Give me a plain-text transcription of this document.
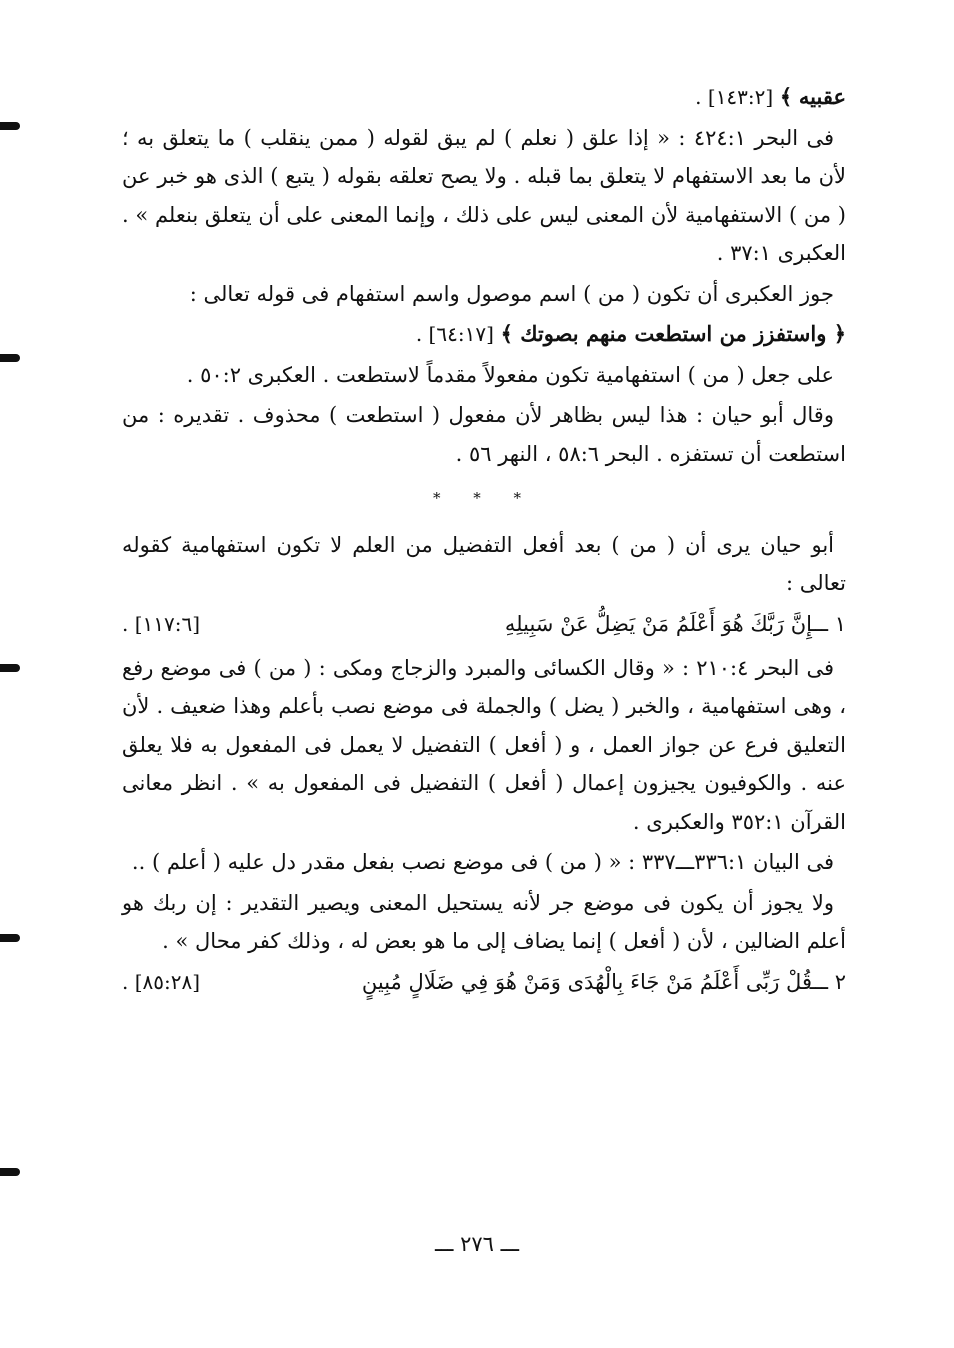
عقبيه ﴾ [١٤٣:٢] .

فى البحر ٤٢٤:١ : « إذا علق ( نعلم ) لم يبق لقوله ( ممن ينقلب ) ما يتعلق به ؛ لأن ما بعد الاستفهام لا يتعلق بما قبله . ولا يصح تعلقه بقوله ( يتبع ) الذى هو خبر عن ( من ) الاستفهامية لأن المعنى ليس على ذلك ، وإنما المعنى على أن يتعلق بنعلم » . العكبرى ٣٧:١ .

جوز العكبرى أن تكون ( من ) اسم موصول واسم استفهام فى قوله تعالى :

﴿ واستفزز من استطعت منهم بصوتك ﴾ [٦٤:١٧] .

على جعل ( من ) استفهامية تكون مفعولاً مقدماً لاستطعت . العكبرى ٥٠:٢ .

وقال أبو حيان : هذا ليس بظاهر لأن مفعول ( استطعت ) محذوف . تقديره : من استطعت أن تستفزه . البحر ٥٨:٦ ، النهر ٥٦ .

* * *

أبو حيان يرى أن ( من ) بعد أفعل التفضيل من العلم لا تكون استفهامية كقوله تعالى :

١ ـــ
إِنَّ رَبَّكَ هُوَ أَعْلَمُ مَنْ يَضِلُّ عَنْ سَبِيلِهِ
[١١٧:٦] .

فى البحر ٢١٠:٤ : « وقال الكسائى والمبرد والزجاج ومكى : ( من ) فى موضع رفع ، وهى استفهامية ، والخبر ( يضل ) والجملة فى موضع نصب بأعلم وهذا ضعيف . لأن التعليق فرع عن جواز العمل ، و ( أفعل ) التفضيل لا يعمل فى المفعول به فلا يعلق عنه . والكوفيون يجيزون إعمال ( أفعل ) التفضيل فى المفعول به » . انظر معانى القرآن ٣٥٢:١ والعكبرى .

فى البيان ٣٣٦:١ـــ٣٣٧ : « ( من ) فى موضع نصب بفعل مقدر دل عليه ( أعلم ) ..

ولا يجوز أن يكون فى موضع جر لأنه يستحيل المعنى ويصير التقدير : إن ربك هو أعلم الضالين ، لأن ( أفعل ) إنما يضاف إلى ما هو بعض له ، وذلك كفر محال » .

٢ ـــ
قُلْ رَبِّى أَعْلَمُ مَنْ جَاءَ بِالْهُدَى وَمَنْ هُوَ فِي ضَلَالٍ مُبِينٍ
[٨٥:٢٨] .
ـــ ٢٧٦ ـــ
